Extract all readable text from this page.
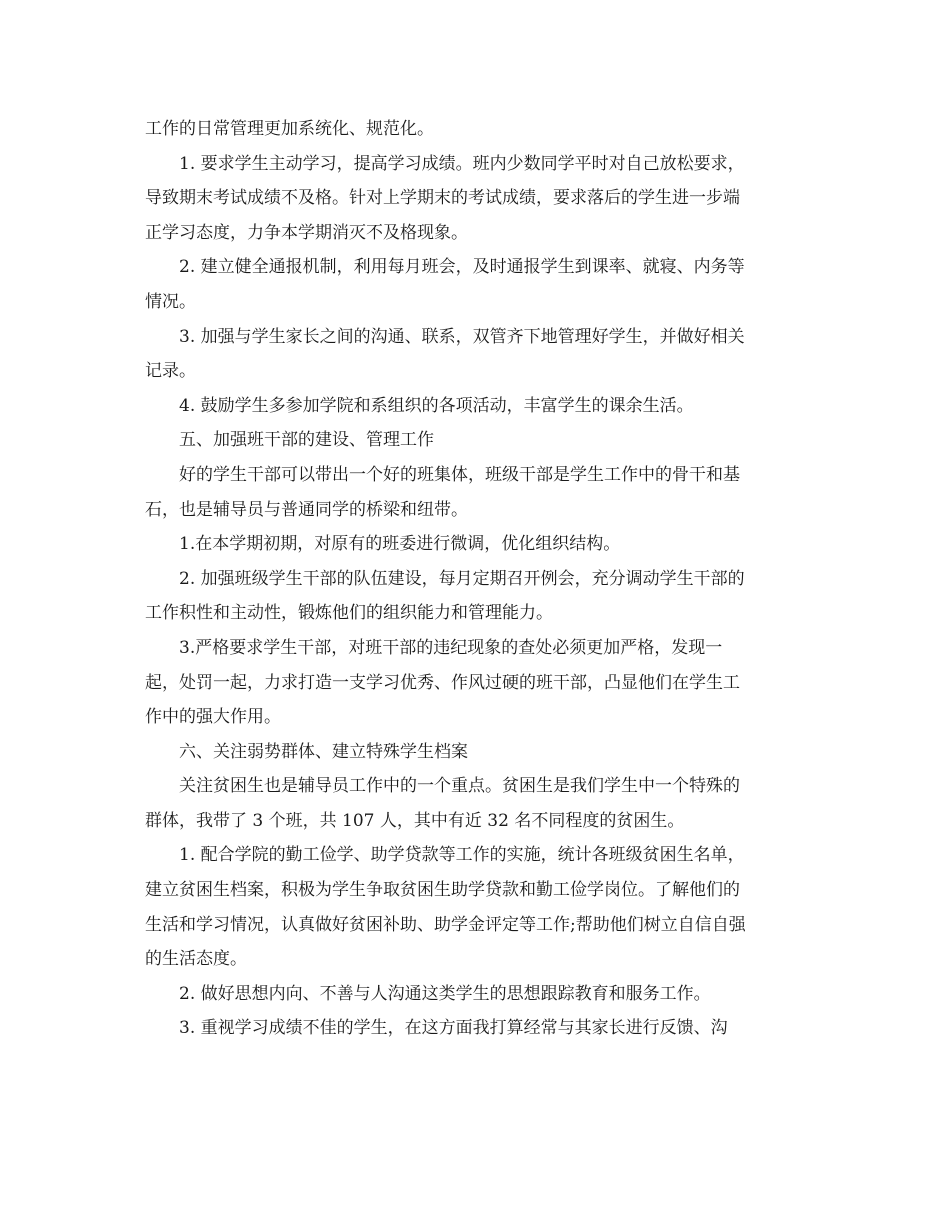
工作的日常管理更加系统化、规范化。
1. 要求学生主动学习，提高学习成绩。班内少数同学平时对自己放松要求，
导致期末考试成绩不及格。针对上学期末的考试成绩，要求落后的学生进一步端
正学习态度，力争本学期消灭不及格现象。
2. 建立健全通报机制，利用每月班会，及时通报学生到课率、就寝、内务等
情况。
3. 加强与学生家长之间的沟通、联系，双管齐下地管理好学生，并做好相关
记录。
4. 鼓励学生多参加学院和系组织的各项活动，丰富学生的课余生活。
五、加强班干部的建设、管理工作
好的学生干部可以带出一个好的班集体，班级干部是学生工作中的骨干和基
石，也是辅导员与普通同学的桥梁和纽带。
1.在本学期初期，对原有的班委进行微调，优化组织结构。
2. 加强班级学生干部的队伍建设，每月定期召开例会，充分调动学生干部的
工作积性和主动性，锻炼他们的组织能力和管理能力。
3.严格要求学生干部，对班干部的违纪现象的查处必须更加严格，发现一
起，处罚一起，力求打造一支学习优秀、作风过硬的班干部，凸显他们在学生工
作中的强大作用。
六、关注弱势群体、建立特殊学生档案
关注贫困生也是辅导员工作中的一个重点。贫困生是我们学生中一个特殊的
群体，我带了 3 个班，共 107 人，其中有近 32 名不同程度的贫困生。
1. 配合学院的勤工俭学、助学贷款等工作的实施，统计各班级贫困生名单，
建立贫困生档案，积极为学生争取贫困生助学贷款和勤工俭学岗位。了解他们的
生活和学习情况，认真做好贫困补助、助学金评定等工作;帮助他们树立自信自强
的生活态度。
2. 做好思想内向、不善与人沟通这类学生的思想跟踪教育和服务工作。
3. 重视学习成绩不佳的学生，在这方面我打算经常与其家长进行反馈、沟
